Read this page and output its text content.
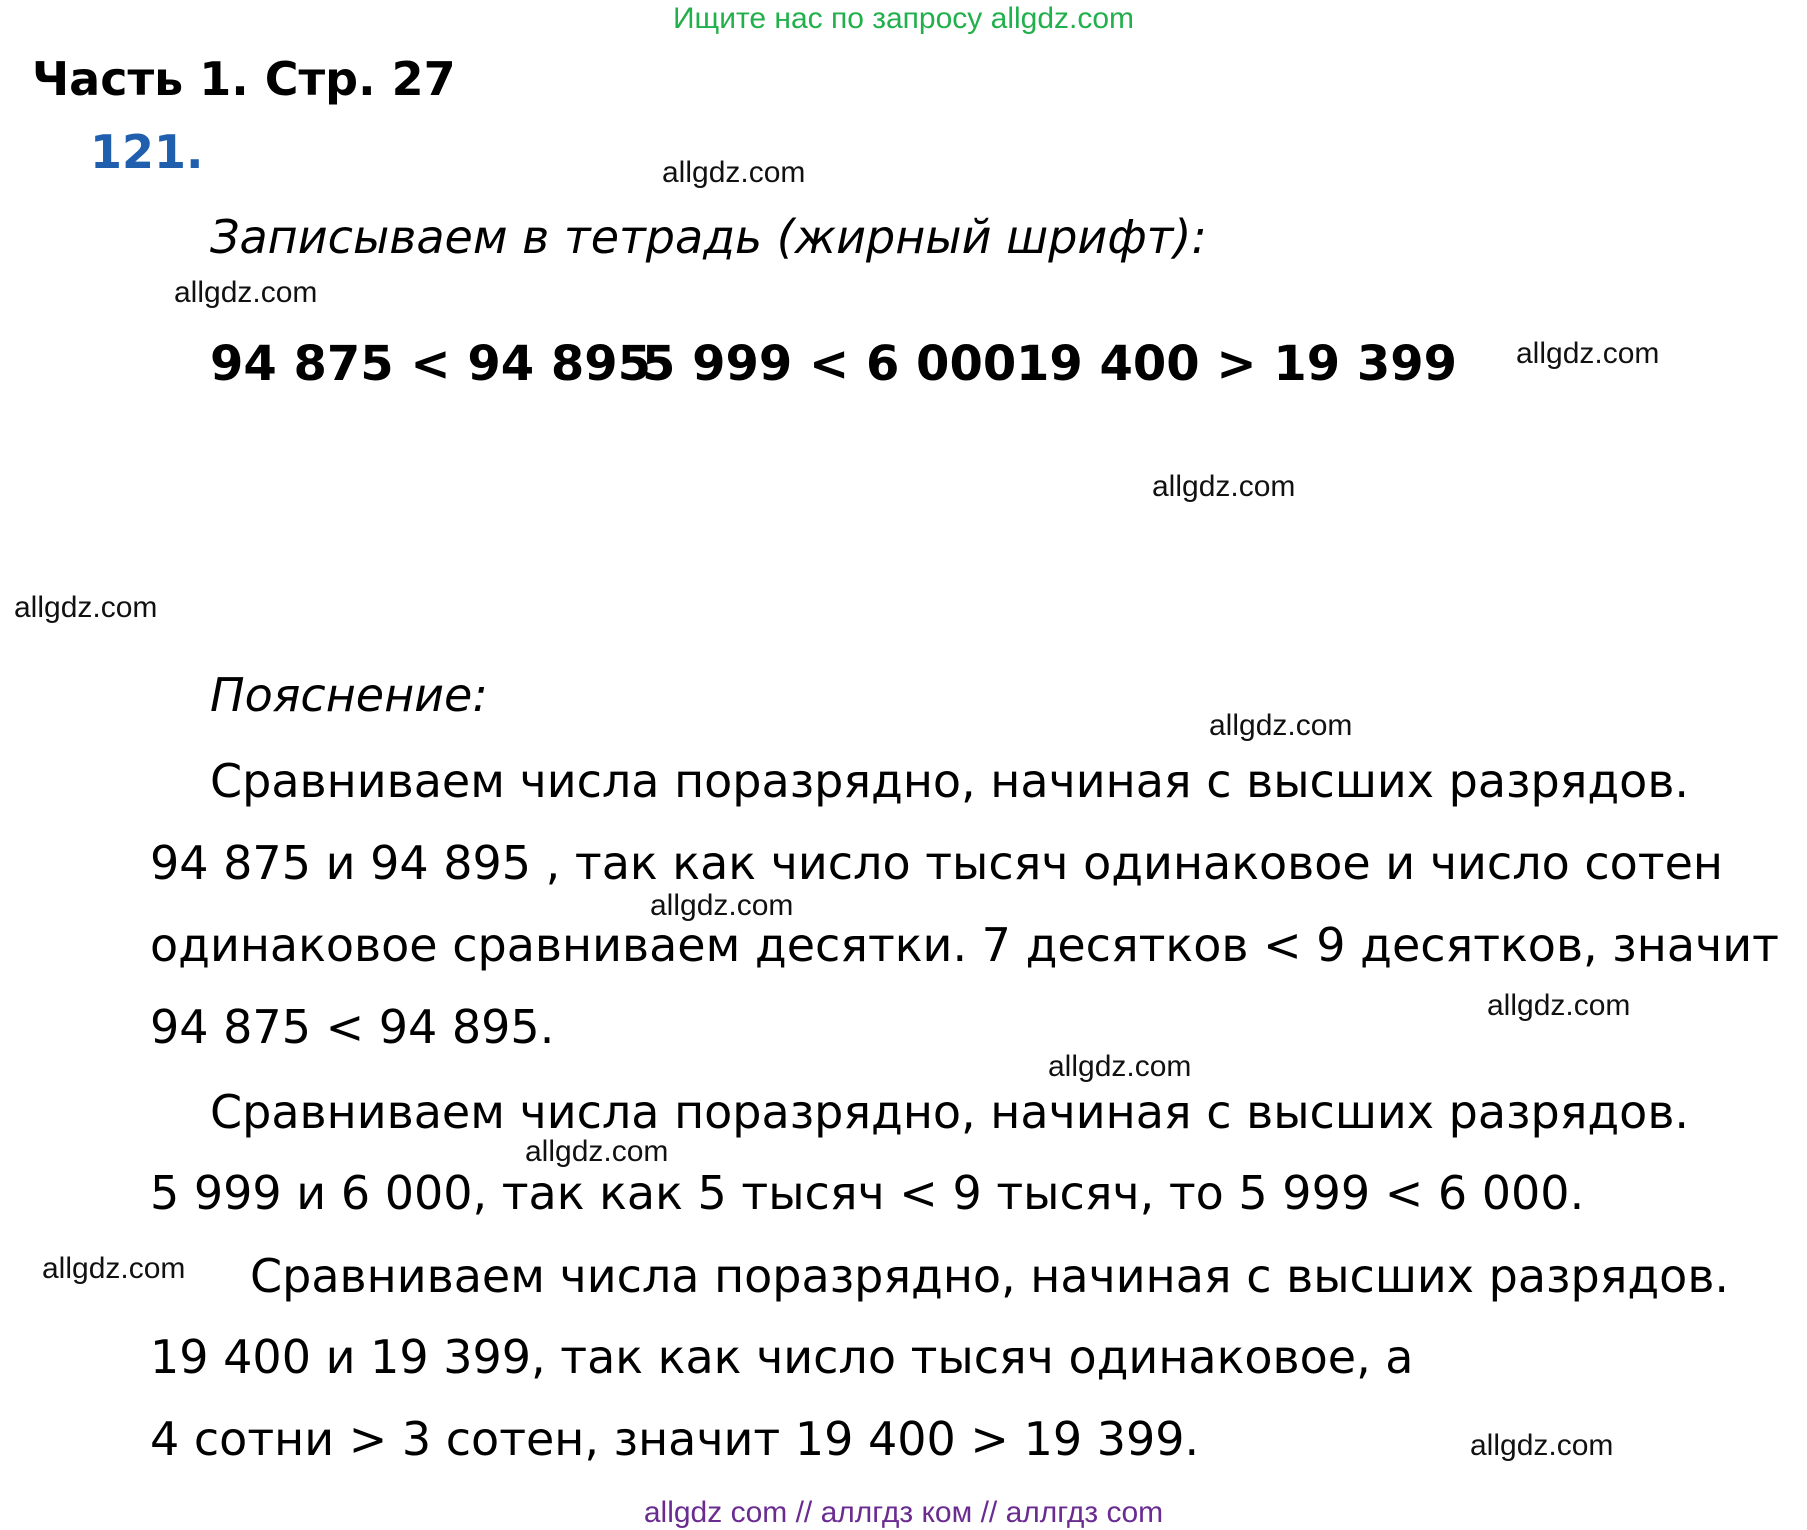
Ищите нас по запросу allgdz.com
Часть 1. Стр. 27
121.
Записываем в тетрадь (жирный шрифт):
94 875 < 94 895
5 999 < 6 000 19 400 > 19 399
Пояснение:
Сравниваем числа поразрядно, начиная с высших разрядов.
94 875 и 94 895 , так как число тысяч одинаковое и число сотен
одинаковое сравниваем десятки. 7 десятков < 9 десятков, значит
94 875 < 94 895.
Сравниваем числа поразрядно, начиная с высших разрядов.
5 999 и 6 000, так как 5 тысяч < 9 тысяч, то 5 999 < 6 000.
Сравниваем числа поразрядно, начиная с высших разрядов.
19 400 и 19 399, так как число тысяч одинаковое, а
4 сотни > 3 сотен, значит 19 400 > 19 399.
allgdz.com
allgdz.com
allgdz.com
allgdz.com
allgdz.com
allgdz.com
allgdz.com
allgdz.com
allgdz.com
allgdz.com
allgdz.com
allgdz.com
allgdz com // аллгдз ком // аллгдз com
